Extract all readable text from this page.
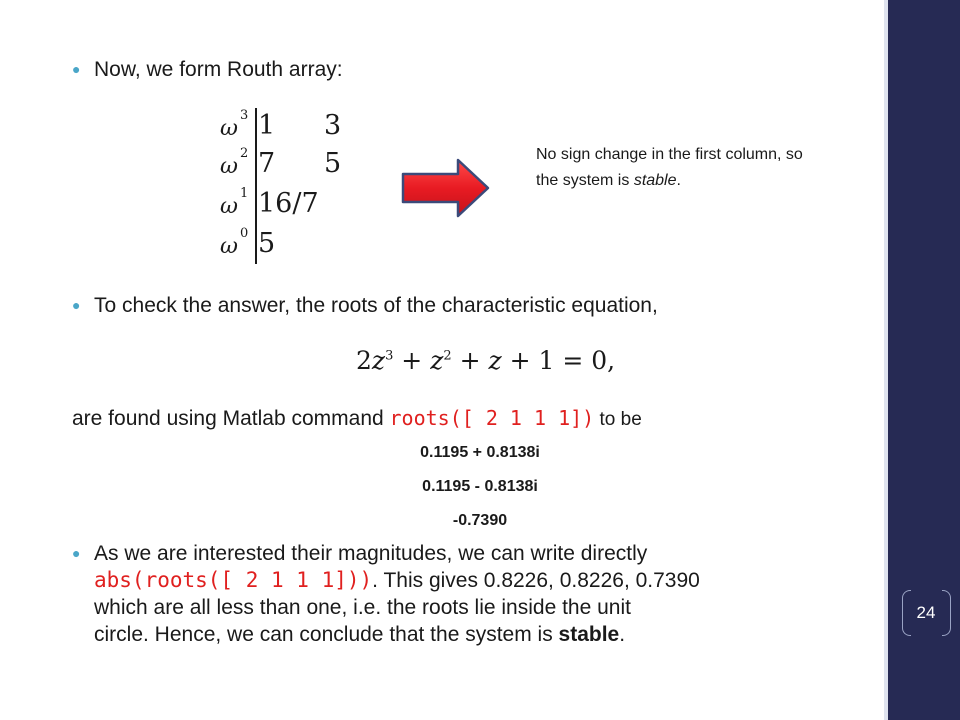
● Now, we form Routh array:
ω
3 1 3
ω
2 7 5
ω
1 16/7
ω
0 5
No sign change in the first column, so the system is stable.
● To check the answer, the roots of the characteristic equation,
$2z^3 + z^2 + z + 1 = 0$,
are found using Matlab command roots([ 2 1 1 1]) to be
0.1195 + 0.8138i
0.1195 - 0.8138i
-0.7390
● As we are interested their magnitudes, we can write directly
abs(roots([ 2 1 1 1])). This gives 0.8226, 0.8226, 0.7390
which are all less than one, i.e. the roots lie inside the unit
circle. Hence, we can conclude that the system is stable.
24
